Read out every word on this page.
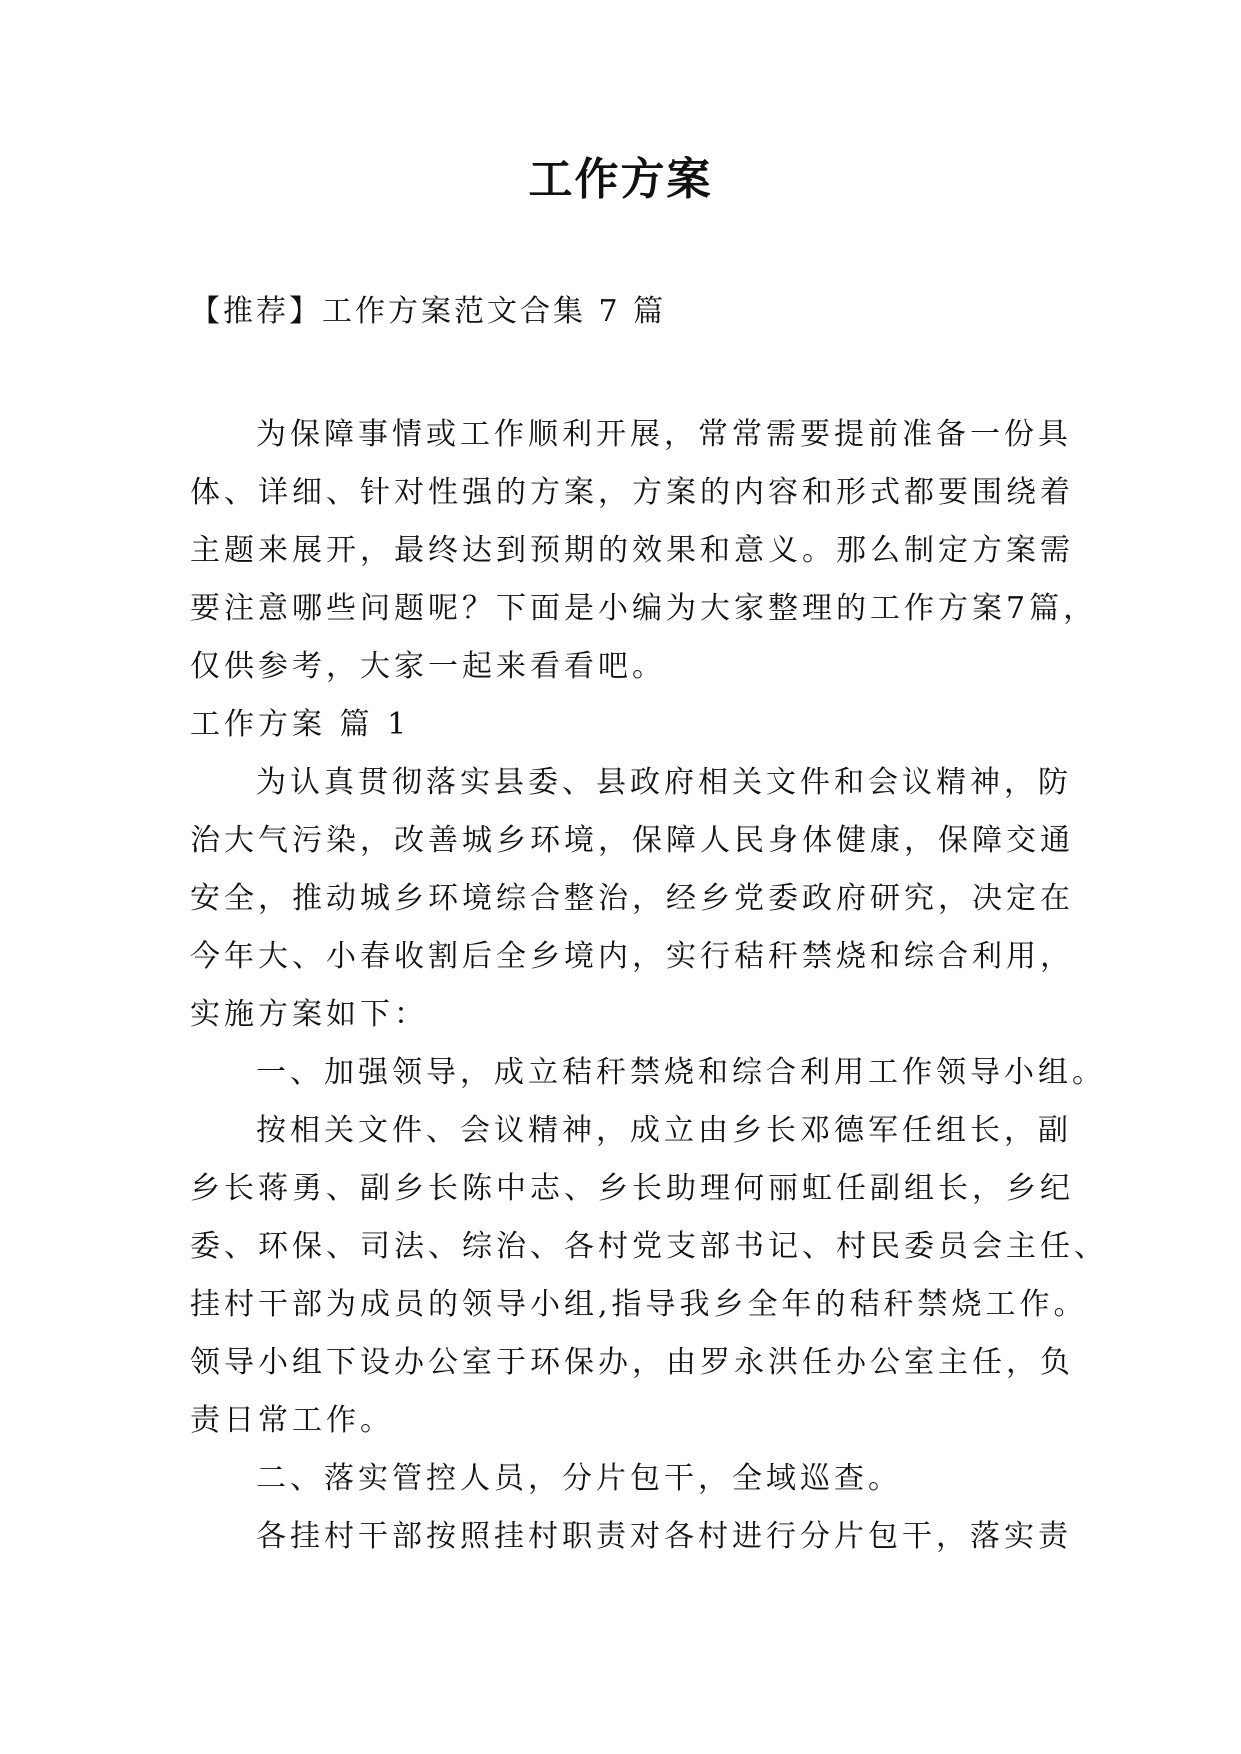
工作方案

【推荐】工作方案范文合集 7 篇

为保障事情或工作顺利开展，常常需要提前准备一份具
体、详细、针对性强的方案，方案的内容和形式都要围绕着
主题来展开，最终达到预期的效果和意义。那么制定方案需
要注意哪些问题呢？下面是小编为大家整理的工作方案7篇，
仅供参考，大家一起来看看吧。
工作方案 篇 1
为认真贯彻落实县委、县政府相关文件和会议精神，防
治大气污染，改善城乡环境，保障人民身体健康，保障交通
安全，推动城乡环境综合整治，经乡党委政府研究，决定在
今年大、小春收割后全乡境内，实行秸秆禁烧和综合利用，
实施方案如下：
一、加强领导，成立秸秆禁烧和综合利用工作领导小组。
按相关文件、会议精神，成立由乡长邓德军任组长，副
乡长蒋勇、副乡长陈中志、乡长助理何丽虹任副组长，乡纪
委、环保、司法、综治、各村党支部书记、村民委员会主任、
挂村干部为成员的领导小组,指导我乡全年的秸秆禁烧工作。
领导小组下设办公室于环保办，由罗永洪任办公室主任，负
责日常工作。
二、落实管控人员，分片包干，全域巡查。
各挂村干部按照挂村职责对各村进行分片包干，落实责
